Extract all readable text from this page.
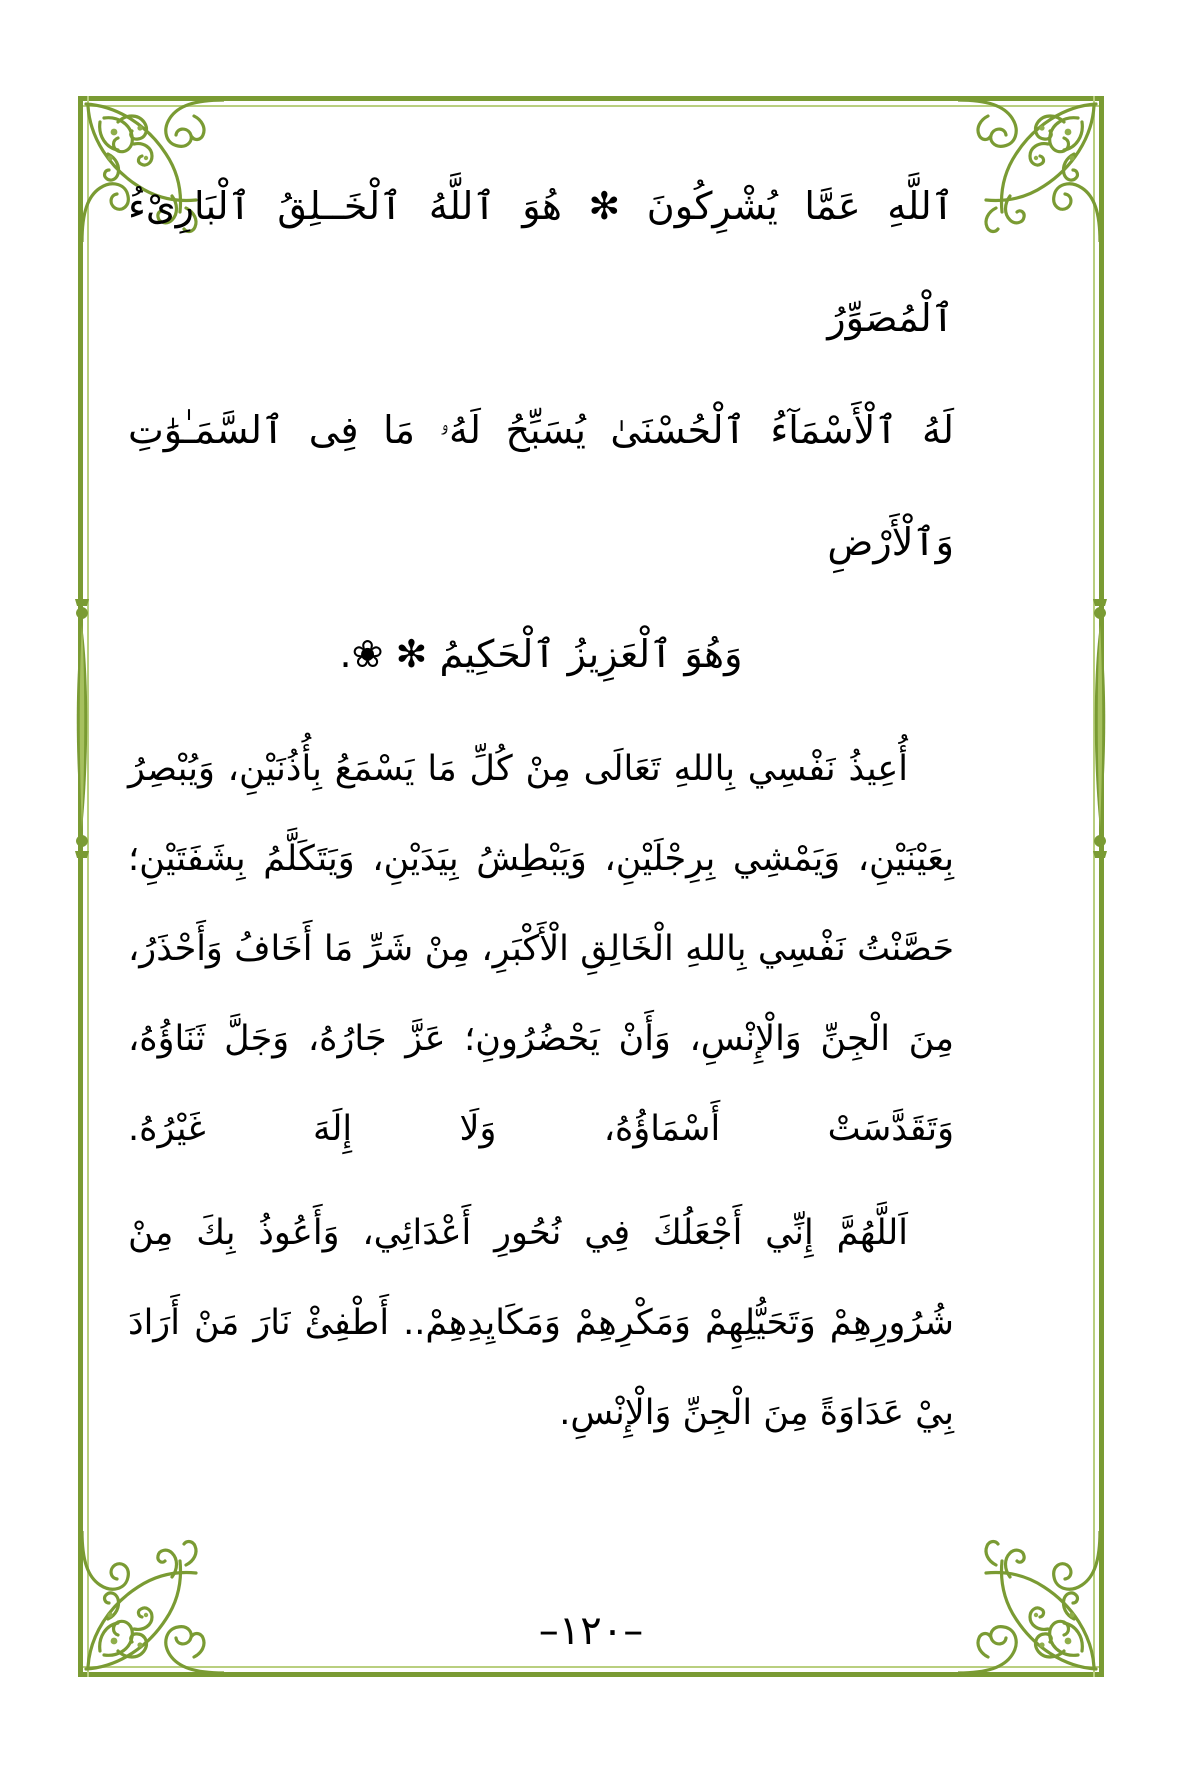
ٱللَّهِ عَمَّا يُشْرِكُونَ ✻ هُوَ ٱللَّهُ ٱلْخَــلِقُ ٱلْبَارِىْءُ ٱلْمُصَوِّرُ
لَهُ ٱلْأَسْمَآءُ ٱلْحُسْنَىٰ يُسَبِّحُ لَهُۥ مَا فِى ٱلسَّمَـٰوَٰتِ وَٱلْأَرْضِ
وَهُوَ ٱلْعَزِيزُ ٱلْحَكِيمُ ✻ ❀.

أُعِيذُ نَفْسِي بِاللهِ تَعَالَى مِنْ كُلِّ مَا يَسْمَعُ بِأُذُنَيْنِ، وَيُبْصِرُ بِعَيْنَيْنِ، وَيَمْشِي بِرِجْلَيْنِ، وَيَبْطِشُ بِيَدَيْنِ، وَيَتَكَلَّمُ بِشَفَتَيْنِ؛ حَصَّنْتُ نَفْسِي بِاللهِ الْخَالِقِ الْأَكْبَرِ، مِنْ شَرِّ مَا أَخَافُ وَأَحْذَرُ، مِنَ الْجِنِّ وَالْإِنْسِ، وَأَنْ يَحْضُرُونِ؛ عَزَّ جَارُهُ، وَجَلَّ ثَنَاؤُهُ، وَتَقَدَّسَتْ أَسْمَاؤُهُ، وَلَا إِلَهَ غَيْرُهُ.

اَللَّهُمَّ إِنِّي أَجْعَلُكَ فِي نُحُورِ أَعْدَائِي، وَأَعُوذُ بِكَ مِنْ شُرُورِهِمْ وَتَحَيُّلِهِمْ وَمَكْرِهِمْ وَمَكَايِدِهِمْ.. أَطْفِئْ نَارَ مَنْ أَرَادَ بِيْ عَدَاوَةً مِنَ الْجِنِّ وَالْإِنْسِ.

–١٢٠–
